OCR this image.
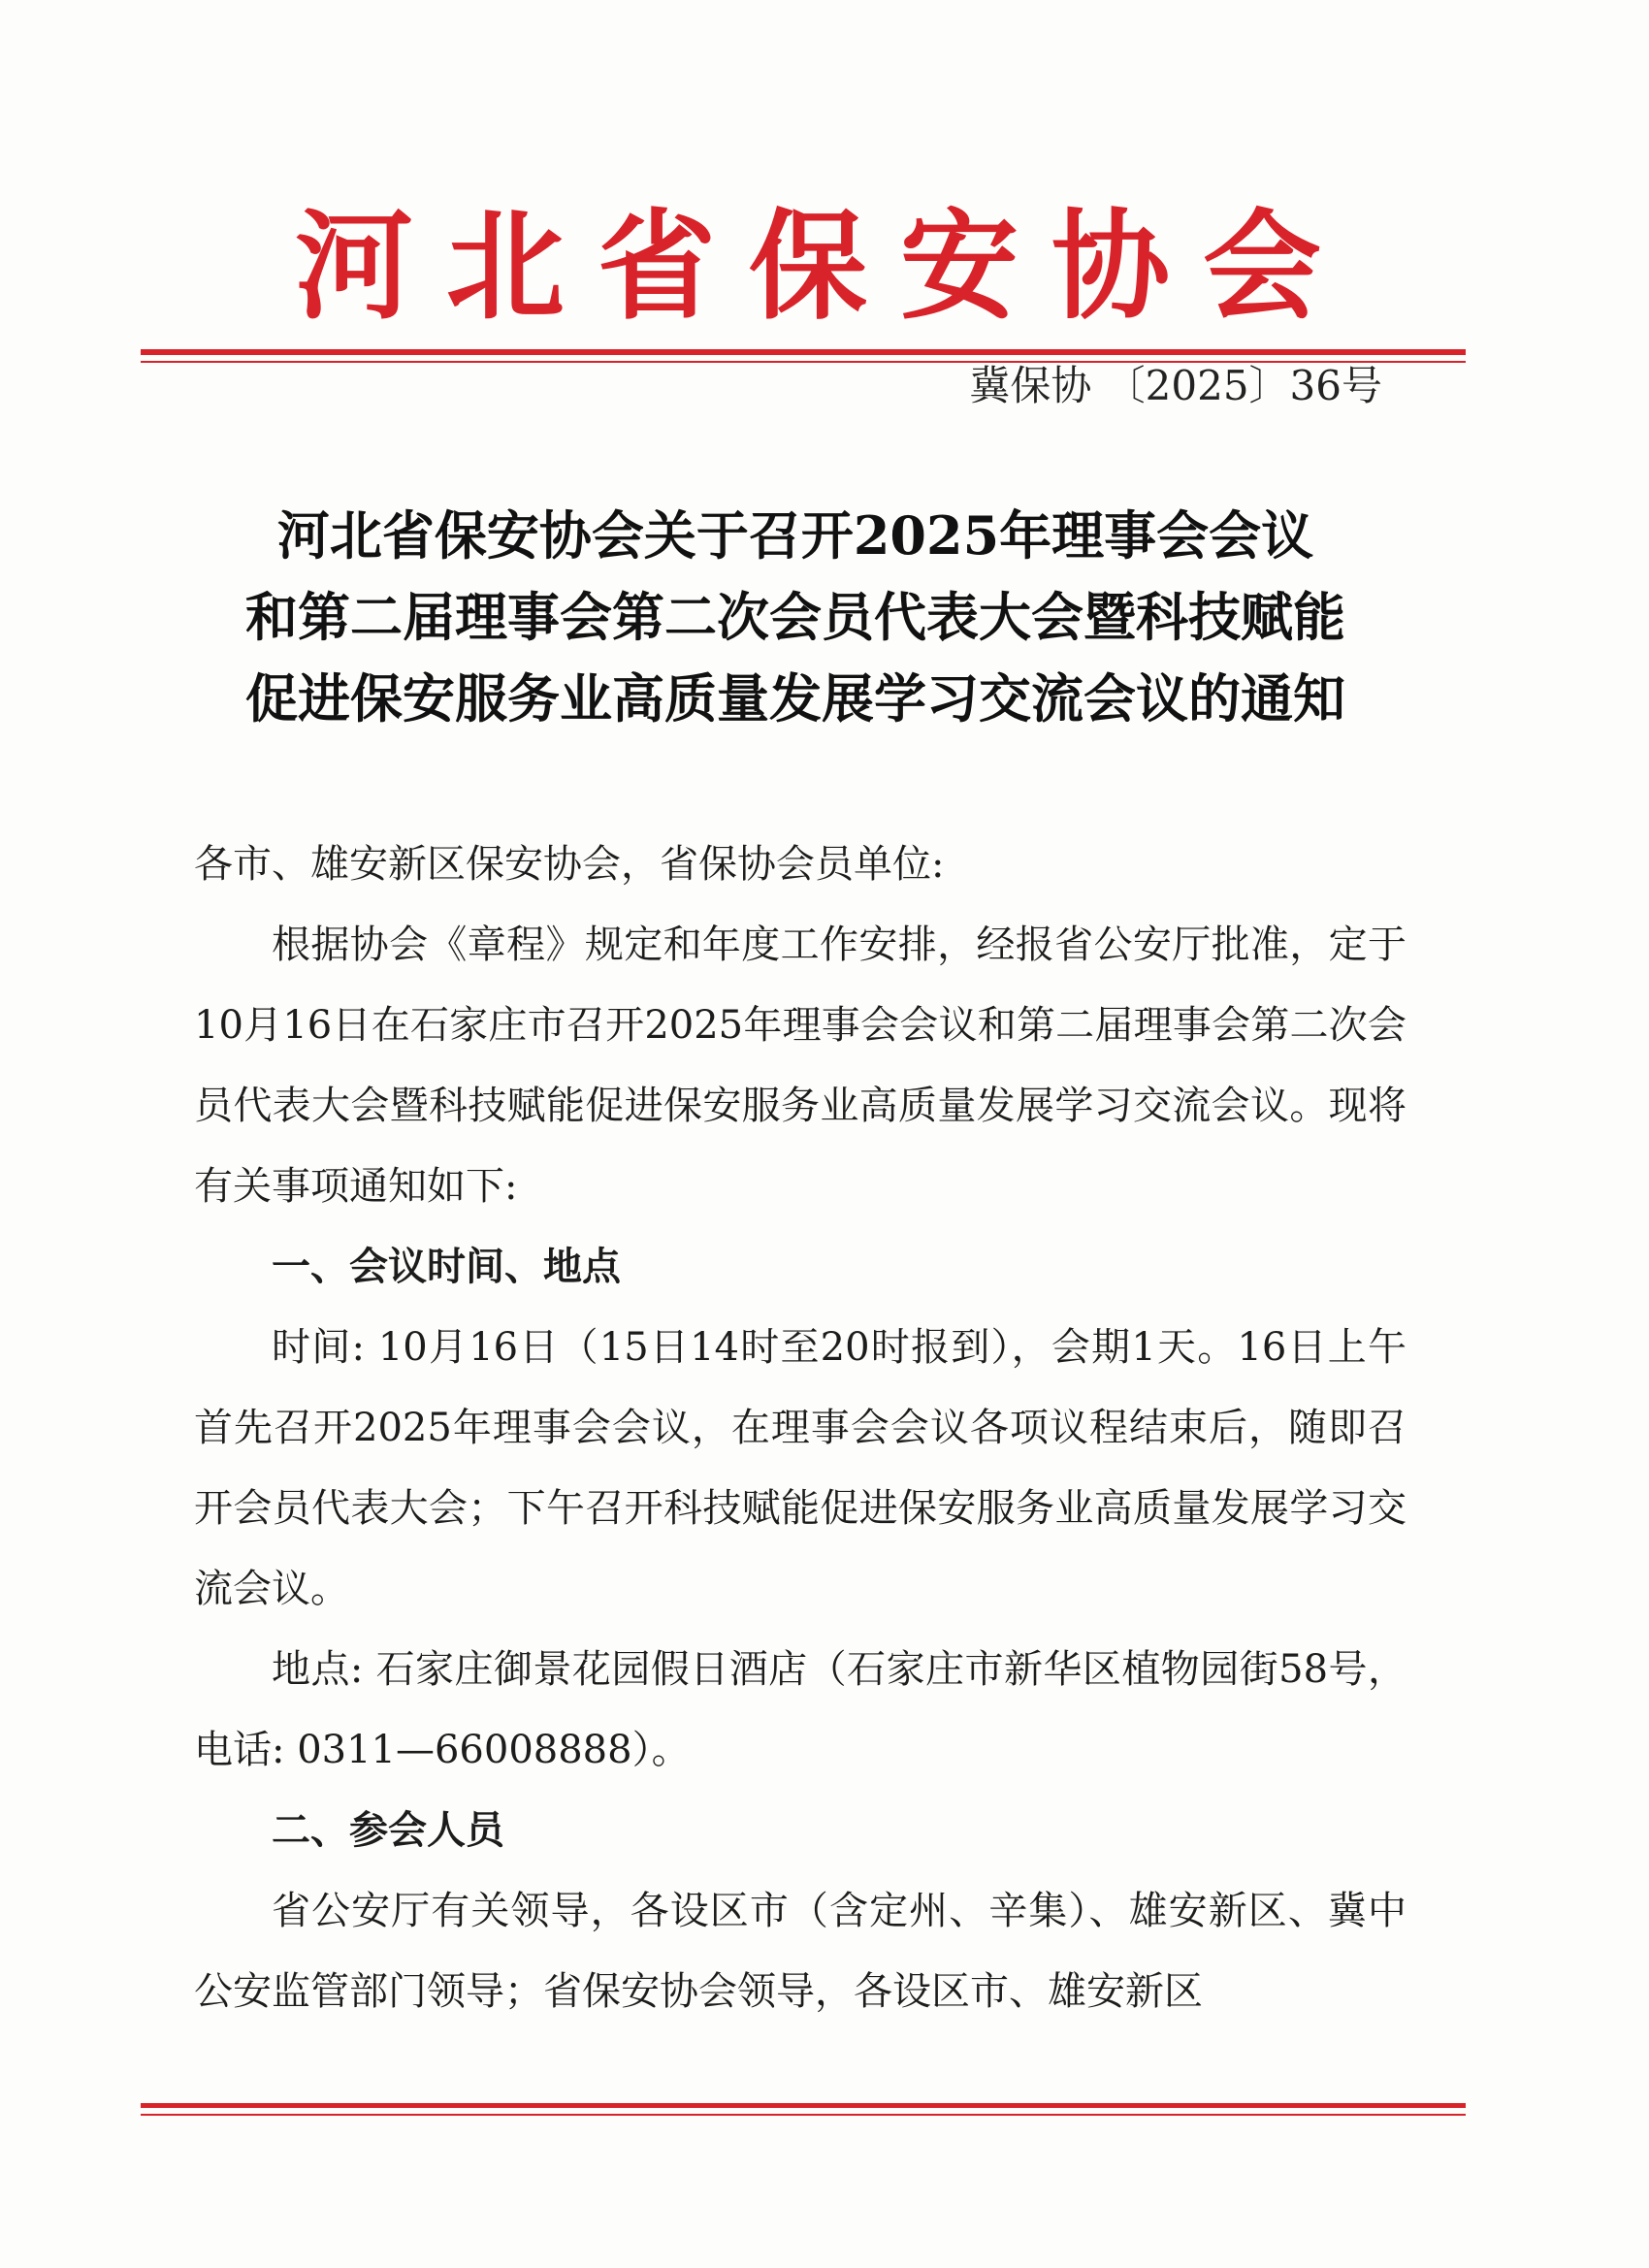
河北省保安协会
冀保协 〔2025〕36号
河北省保安协会关于召开2025年理事会会议
和第二届理事会第二次会员代表大会暨科技赋能
促进保安服务业高质量发展学习交流会议的通知

各市、雄安新区保安协会，省保协会员单位:

根据协会《章程》规定和年度工作安排，经报省公安厅批准，定于10月16日在石家庄市召开2025年理事会会议和第二届理事会第二次会员代表大会暨科技赋能促进保安服务业高质量发展学习交流会议。现将有关事项通知如下:

一、会议时间、地点

时间: 10月16日（15日14时至20时报到），会期1天。16日上午首先召开2025年理事会会议，在理事会会议各项议程结束后，随即召开会员代表大会；下午召开科技赋能促进保安服务业高质量发展学习交流会议。

地点: 石家庄御景花园假日酒店（石家庄市新华区植物园街58号，电话: 0311—66008888）。

二、参会人员

省公安厅有关领导，各设区市（含定州、辛集）、雄安新区、冀中公安监管部门领导；省保安协会领导，各设区市、雄安新区
